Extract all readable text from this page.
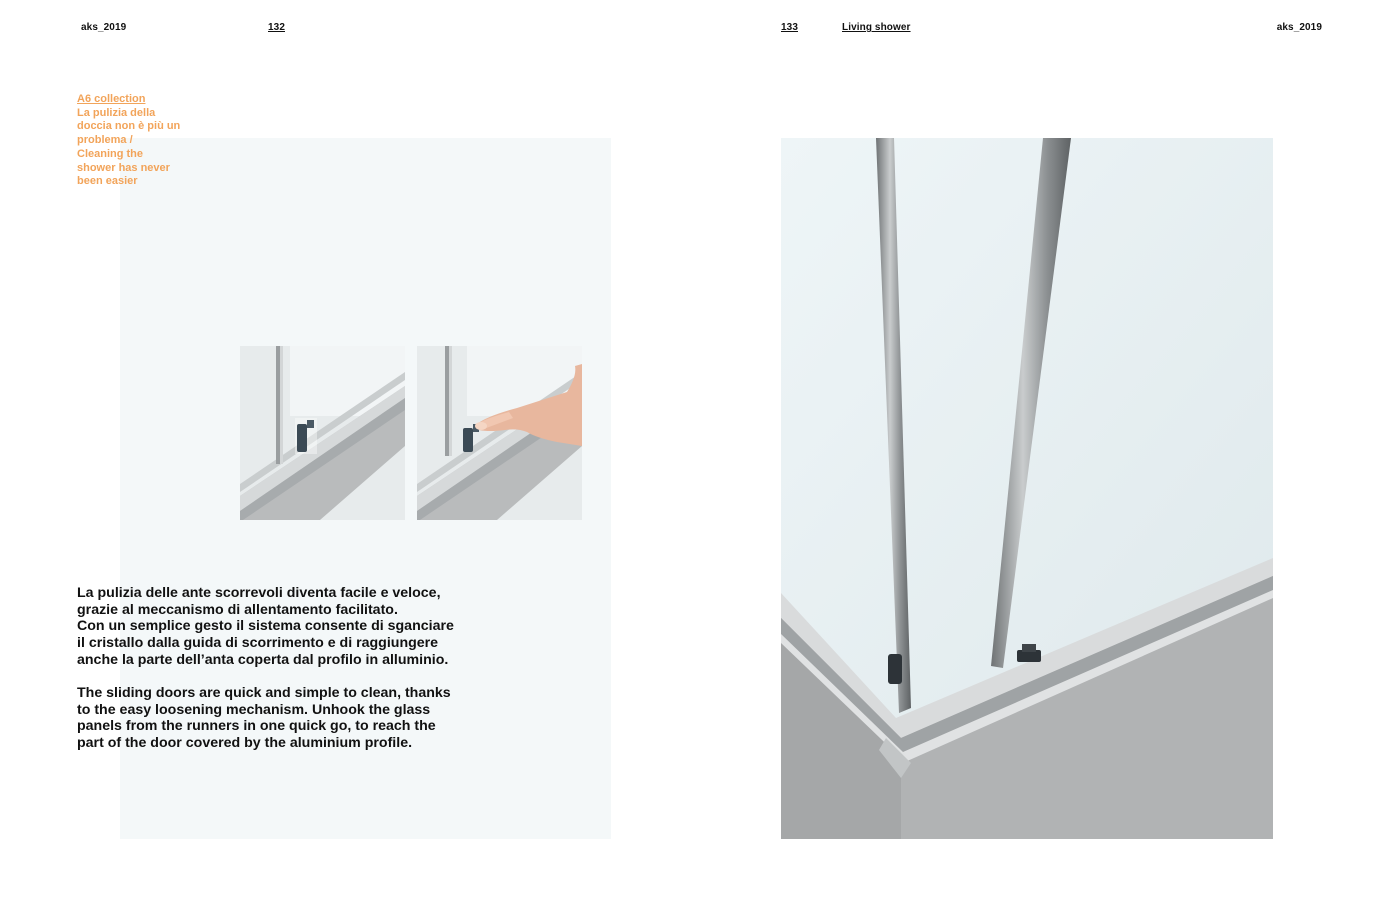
aks_2019	132	133	Living shower	aks_2019
A6 collection
La pulizia della doccia non è più un problema / Cleaning the shower has never been easier
La pulizia delle ante scorrevoli diventa facile e veloce,
grazie al meccanismo di allentamento facilitato.
Con un semplice gesto il sistema consente di sganciare
il cristallo dalla guida di scorrimento e di raggiungere
anche la parte dell’anta coperta dal profilo in alluminio.
The sliding doors are quick and simple to clean, thanks
to the easy loosening mechanism. Unhook the glass
panels from the runners in one quick go, to reach the
part of the door covered by the aluminium profile.
